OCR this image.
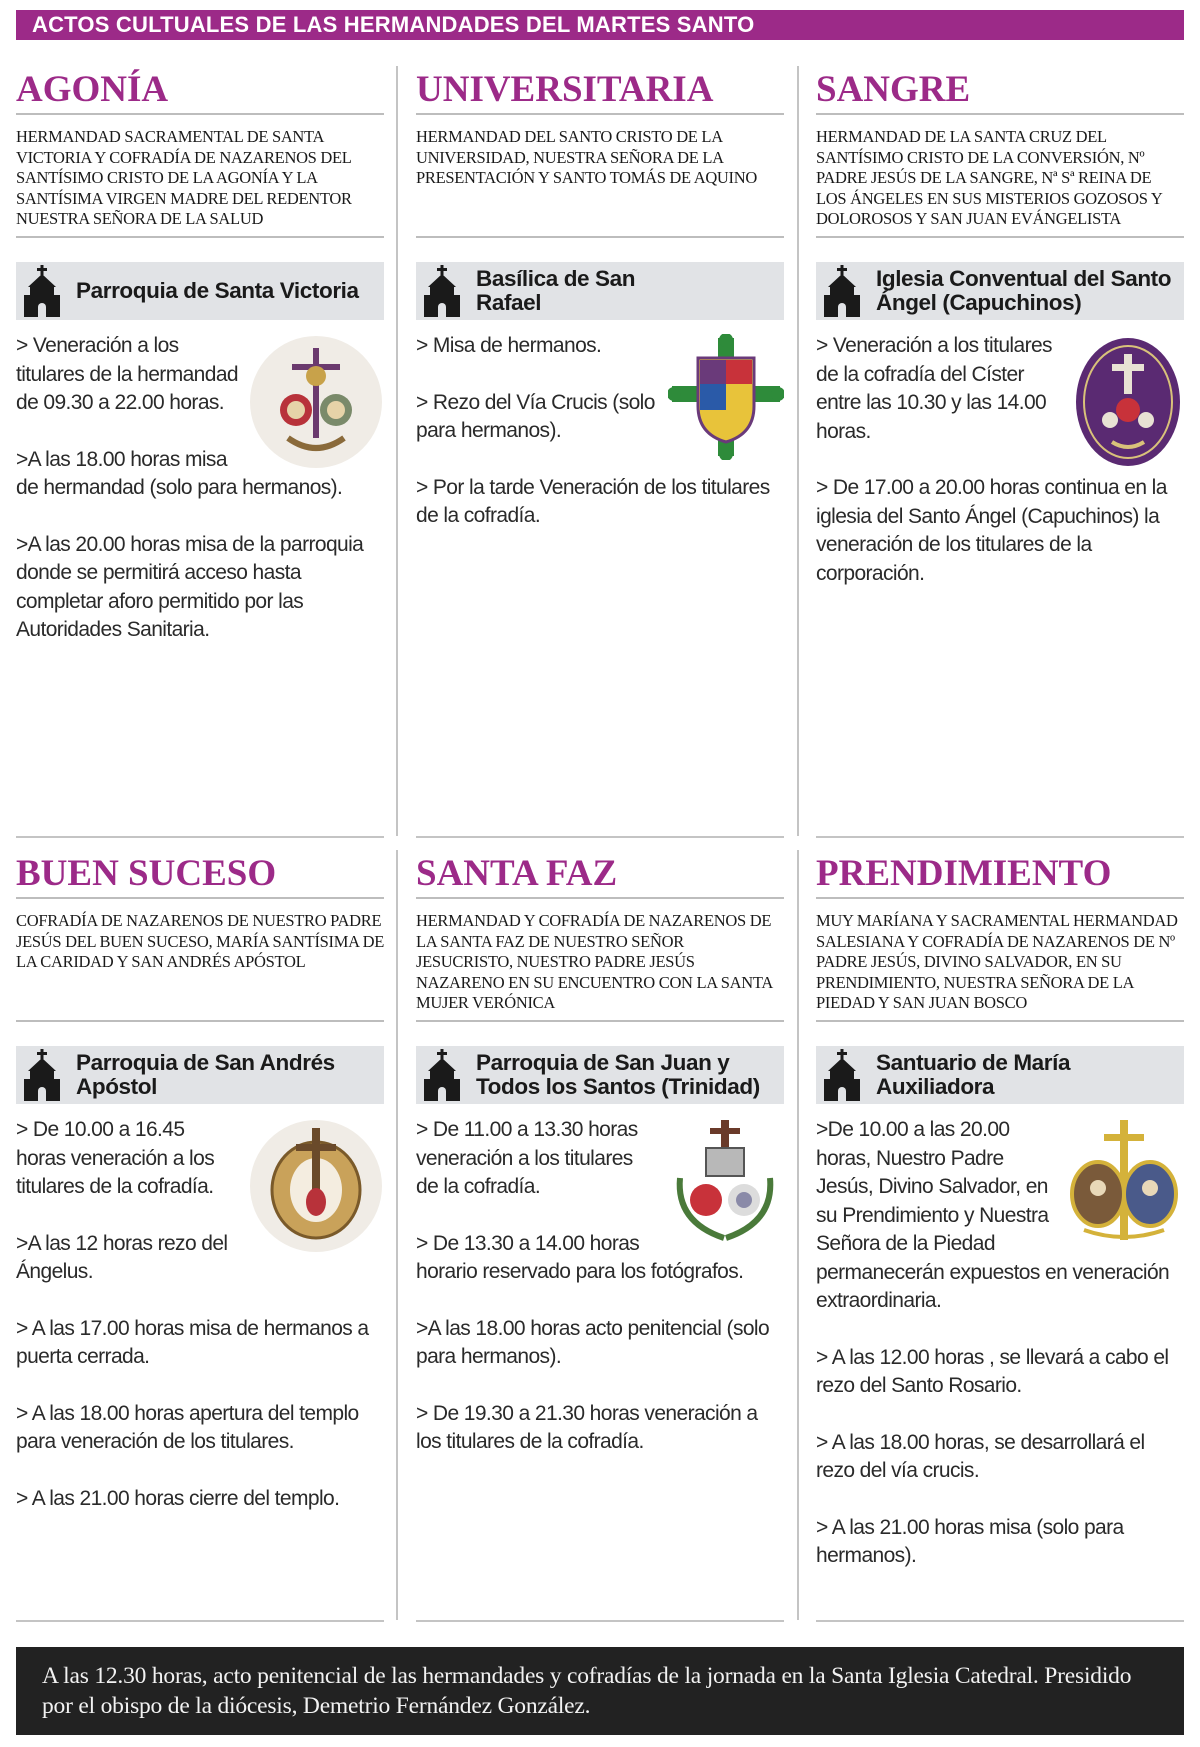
ACTOS CULTUALES DE LAS HERMANDADES DEL MARTES SANTO
AGONÍA
HERMANDAD SACRAMENTAL DE SANTA VICTORIA Y COFRADÍA DE NAZARENOS DEL SANTÍSIMO CRISTO DE LA AGONÍA Y LA SANTÍSIMA VIRGEN MADRE DEL REDENTOR NUESTRA SEÑORA DE LA SALUD
Parroquia de Santa Victoria

> Veneración a los titulares de la hermandad de 09.30 a 22.00 horas.

>A las 18.00 horas misa de hermandad (solo para hermanos).

>A las 20.00 horas misa de la parroquia donde se permitirá acceso hasta completar aforo permitido por las Autoridades Sanitaria.

UNIVERSITARIA
HERMANDAD DEL SANTO CRISTO DE LA UNIVERSIDAD, NUESTRA SEÑORA DE LA PRESENTACIÓN Y SANTO TOMÁS DE AQUINO
Basílica de San Rafael

> Misa de hermanos.

> Rezo del Vía Crucis (solo para hermanos).

> Por la tarde Veneración de los titulares de la cofradía.

SANGRE
HERMANDAD DE LA SANTA CRUZ DEL SANTÍSIMO CRISTO DE LA CONVERSIÓN, Nº PADRE JESÚS DE LA SANGRE, Nª Sª REINA DE LOS ÁNGELES EN SUS MISTERIOS GOZOSOS Y DOLOROSOS Y SAN JUAN EVÁNGELISTA
Iglesia Conventual del Santo Ángel (Capuchinos)

> Veneración a los titulares de la cofradía del Císter entre las 10.30 y las 14.00 horas.

> De 17.00 a 20.00 horas continua en la iglesia del Santo Ángel (Capuchinos) la veneración de los titulares de la corporación.

BUEN SUCESO
COFRADÍA DE NAZARENOS DE NUESTRO PADRE JESÚS DEL BUEN SUCESO, MARÍA SANTÍSIMA DE LA CARIDAD Y SAN ANDRÉS APÓSTOL
Parroquia de San Andrés Apóstol

> De 10.00 a 16.45 horas veneración a los titulares de la cofradía.

>A las 12 horas rezo del Ángelus.

> A las 17.00 horas misa de hermanos a puerta cerrada.

> A las 18.00 horas apertura del templo para veneración de los titulares.

> A las 21.00 horas cierre del templo.

SANTA FAZ
HERMANDAD Y COFRADÍA DE NAZARENOS DE LA SANTA FAZ DE NUESTRO SEÑOR JESUCRISTO, NUESTRO PADRE JESÚS NAZARENO EN SU ENCUENTRO CON LA SANTA MUJER VERÓNICA
Parroquia de San Juan y Todos los Santos (Trinidad)

> De 11.00 a 13.30 horas veneración a los titulares de la cofradía.

> De 13.30 a 14.00 horas horario reservado para los fotógrafos.

>A las 18.00 horas acto penitencial (solo para hermanos).

> De 19.30 a 21.30 horas veneración a los titulares de la cofradía.

PRENDIMIENTO
MUY MARÍANA Y SACRAMENTAL HERMANDAD SALESIANA Y COFRADÍA DE NAZARENOS DE Nº PADRE JESÚS, DIVINO SALVADOR, EN SU PRENDIMIENTO, NUESTRA SEÑORA DE LA PIEDAD Y SAN JUAN BOSCO
Santuario de María Auxiliadora

>De 10.00 a las 20.00 horas, Nuestro Padre Jesús, Divino Salvador, en su Prendimiento y Nuestra Señora de la Piedad permanecerán expuestos en veneración extraordinaria.

> A las 12.00 horas , se llevará a cabo el rezo del Santo Rosario.

> A las 18.00 horas, se desarrollará el rezo del vía crucis.

> A las 21.00 horas misa (solo para hermanos).

A las 12.30 horas, acto penitencial de las hermandades y cofradías de la jornada en la Santa Iglesia Catedral. Presidido por el obispo de la diócesis, Demetrio Fernández González.
